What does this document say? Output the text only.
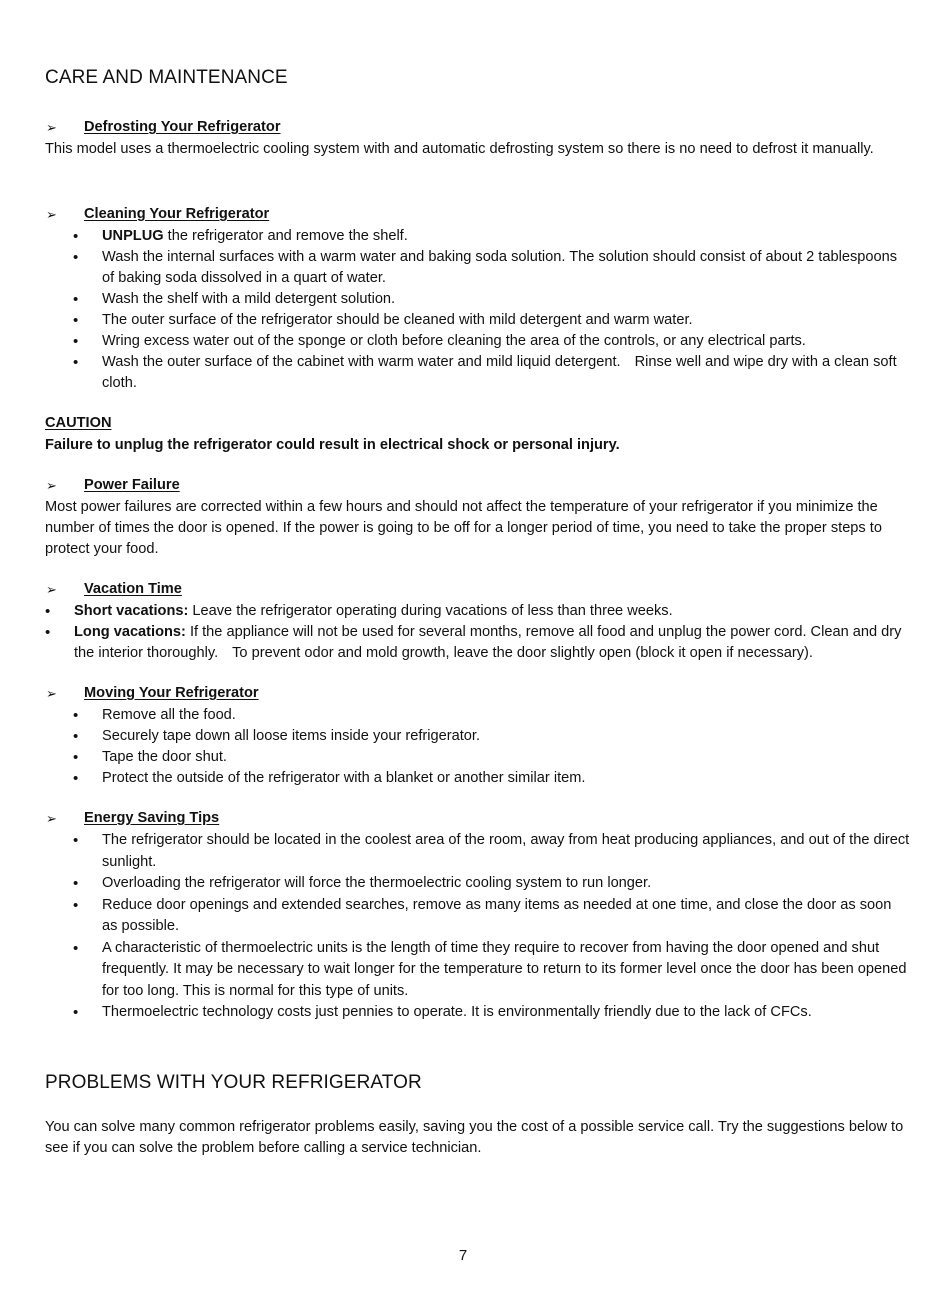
CARE AND MAINTENANCE
➢	Defrosting Your Refrigerator

This model uses a thermoelectric cooling system with and automatic defrosting system so there is no need to defrost it manually.

➢	Cleaning Your Refrigerator
• UNPLUG the refrigerator and remove the shelf.
• Wash the internal surfaces with a warm water and baking soda solution. The solution should consist of about 2 tablespoons of baking soda dissolved in a quart of water.
• Wash the shelf with a mild detergent solution.
• The outer surface of the refrigerator should be cleaned with mild detergent and warm water.
• Wring excess water out of the sponge or cloth before cleaning the area of the controls, or any electrical parts.
• Wash the outer surface of the cabinet with warm water and mild liquid detergent. Rinse well and wipe dry with a clean soft cloth.
CAUTION
Failure to unplug the refrigerator could result in electrical shock or personal injury.
➢	Power Failure

Most power failures are corrected within a few hours and should not affect the temperature of your refrigerator if you minimize the number of times the door is opened. If the power is going to be off for a longer period of time, you need to take the proper steps to protect your food.

➢	Vacation Time
• Short vacations: Leave the refrigerator operating during vacations of less than three weeks.
• Long vacations: If the appliance will not be used for several months, remove all food and unplug the power cord. Clean and dry the interior thoroughly. To prevent odor and mold growth, leave the door slightly open (block it open if necessary).
➢	Moving Your Refrigerator
• Remove all the food.
• Securely tape down all loose items inside your refrigerator.
• Tape the door shut.
• Protect the outside of the refrigerator with a blanket or another similar item.
➢	Energy Saving Tips
• The refrigerator should be located in the coolest area of the room, away from heat producing appliances, and out of the direct sunlight.
• Overloading the refrigerator will force the thermoelectric cooling system to run longer.
• Reduce door openings and extended searches, remove as many items as needed at one time, and close the door as soon as possible.
• A characteristic of thermoelectric units is the length of time they require to recover from having the door opened and shut frequently. It may be necessary to wait longer for the temperature to return to its former level once the door has been opened for too long. This is normal for this type of units.
• Thermoelectric technology costs just pennies to operate. It is environmentally friendly due to the lack of CFCs.
PROBLEMS WITH YOUR REFRIGERATOR

You can solve many common refrigerator problems easily, saving you the cost of a possible service call. Try the suggestions below to see if you can solve the problem before calling a service technician.

7
